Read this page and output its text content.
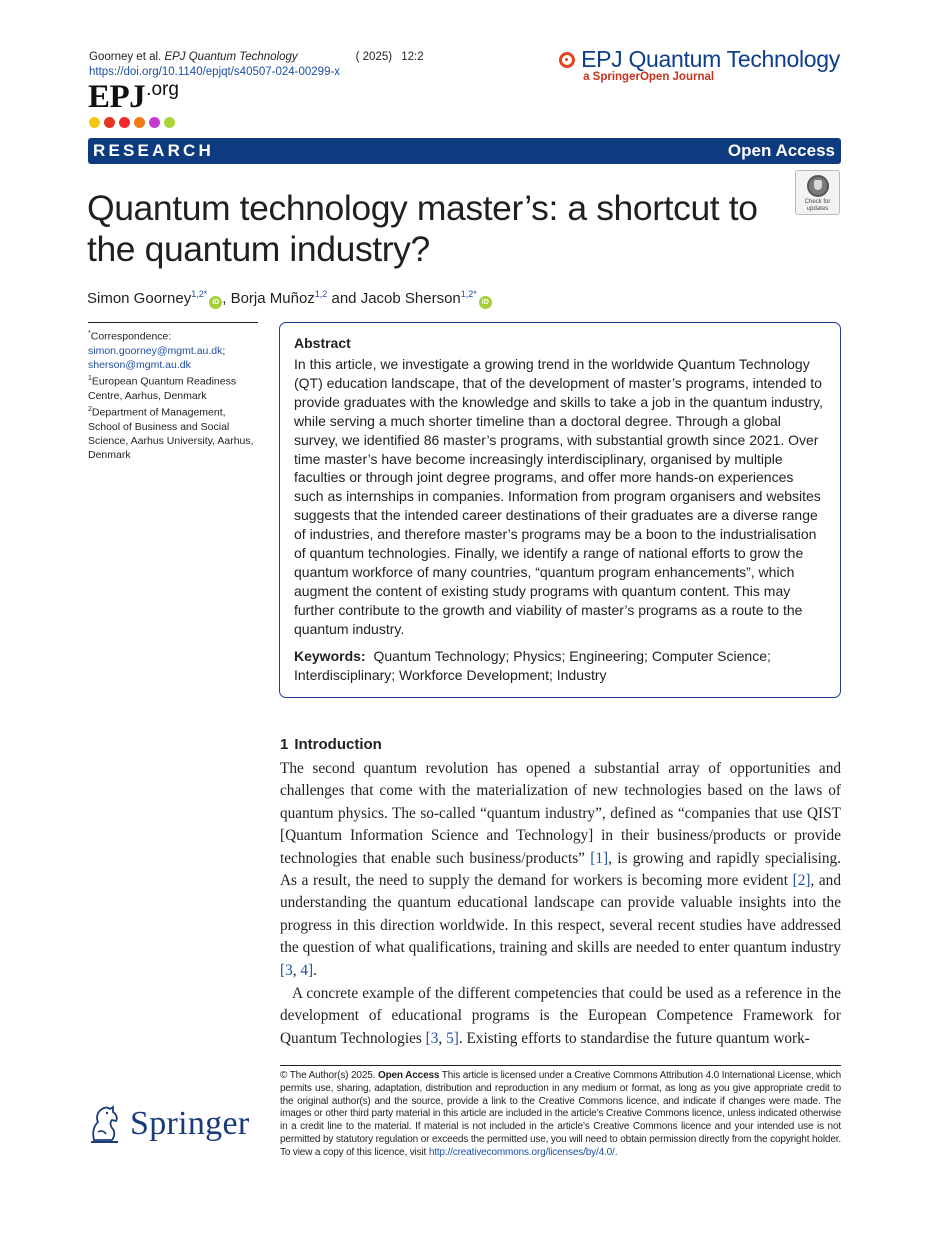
Goorney et al. EPJ Quantum Technology	( 2025) 12:2
https://doi.org/10.1140/epjqt/s40507-024-00299-x
EPJ.org
EPJ Quantum Technology
a SpringerOpen Journal
RESEARCH	Open Access
Quantum technology master’s: a shortcut to the quantum industry?
Check for updates
Simon Goorney$^{1,2*}$iD , Borja Muñoz$^{1,2}$ and Jacob Sherson$^{1,2*}$iD
*Correspondence:
simon.goorney@mgmt.au.dk;
sherson@mgmt.au.dk
$^1$European Quantum Readiness Centre, Aarhus, Denmark
$^2$Department of Management, School of Business and Social Science, Aarhus University, Aarhus, Denmark
Abstract
In this article, we investigate a growing trend in the worldwide Quantum Technology (QT) education landscape, that of the development of master’s programs, intended to provide graduates with the knowledge and skills to take a job in the quantum industry, while serving a much shorter timeline than a doctoral degree. Through a global survey, we identified 86 master’s programs, with substantial growth since 2021. Over time master’s have become increasingly interdisciplinary, organised by multiple faculties or through joint degree programs, and offer more hands-on experiences such as internships in companies. Information from program organisers and websites suggests that the intended career destinations of their graduates are a diverse range of industries, and therefore master’s programs may be a boon to the industrialisation of quantum technologies. Finally, we identify a range of national efforts to grow the quantum workforce of many countries, “quantum program enhancements”, which augment the content of existing study programs with quantum content. This may further contribute to the growth and viability of master’s programs as a route to the quantum industry.
Keywords: Quantum Technology; Physics; Engineering; Computer Science; Interdisciplinary; Workforce Development; Industry
1 Introduction

The second quantum revolution has opened a substantial array of opportunities and challenges that come with the materialization of new technologies based on the laws of quantum physics. The so-called “quantum industry”, defined as “companies that use QIST [Quantum Information Science and Technology] in their business/products or provide technologies that enable such business/products” [1], is growing and rapidly specialising. As a result, the need to supply the demand for workers is becoming more evident [2], and understanding the quantum educational landscape can provide valuable insights into the progress in this direction worldwide. In this respect, several recent studies have addressed the question of what qualifications, training and skills are needed to enter quantum industry [3, 4].

A concrete example of the different competencies that could be used as a reference in the development of educational programs is the European Competence Framework for Quantum Technologies [3, 5]. Existing efforts to standardise the future quantum work-

© The Author(s) 2025. Open Access This article is licensed under a Creative Commons Attribution 4.0 International License, which permits use, sharing, adaptation, distribution and reproduction in any medium or format, as long as you give appropriate credit to the original author(s) and the source, provide a link to the Creative Commons licence, and indicate if changes were made. The images or other third party material in this article are included in the article’s Creative Commons licence, unless indicated otherwise in a credit line to the material. If material is not included in the article’s Creative Commons licence and your intended use is not permitted by statutory regulation or exceeds the permitted use, you will need to obtain permission directly from the copyright holder. To view a copy of this licence, visit http://creativecommons.org/licenses/by/4.0/.
Springer
